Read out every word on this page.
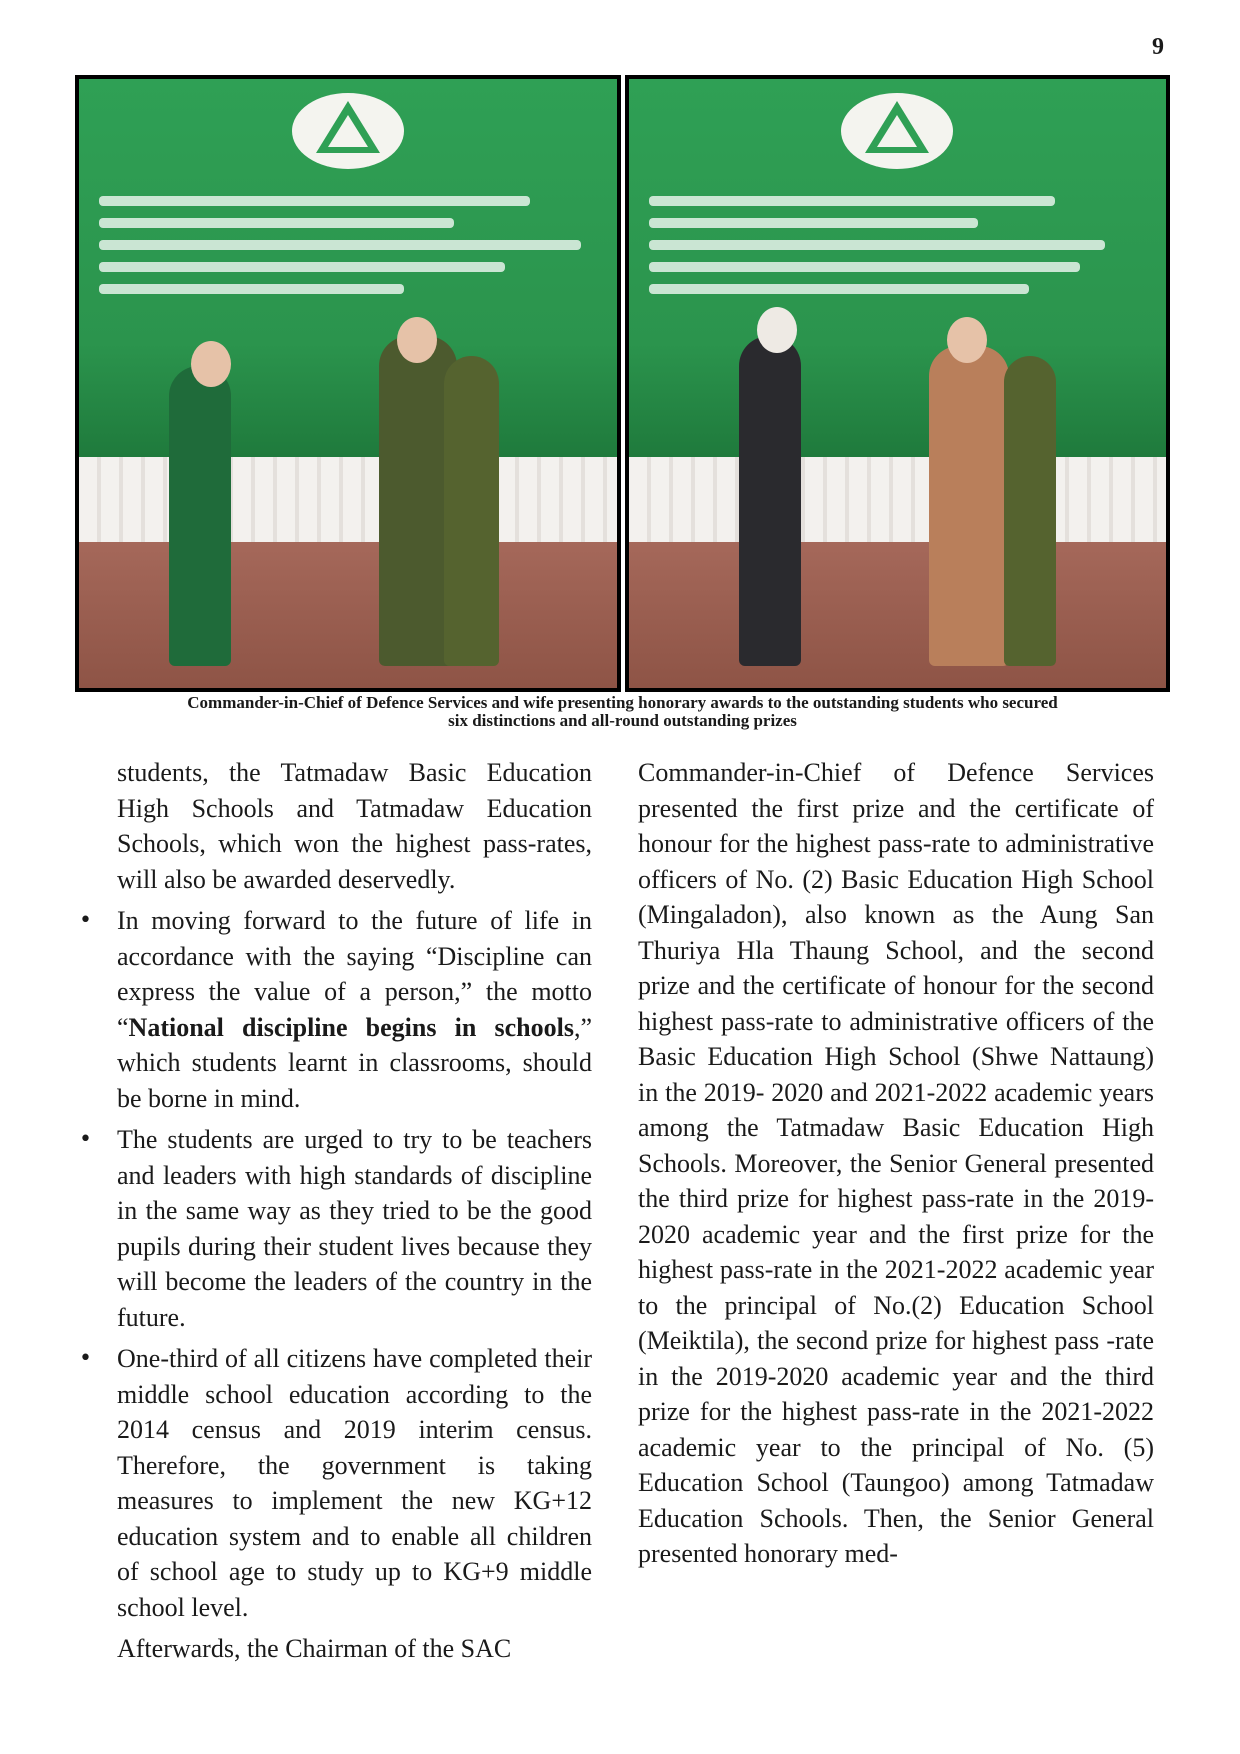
9
Commander-in-Chief of Defence Services and wife presenting honorary awards to the outstanding students who secured
six distinctions and all-round outstanding prizes

students, the Tatmadaw Basic Education High Schools and Tatmadaw Education Schools, which won the highest pass-rates, will also be awarded deservedly.

• In moving forward to the future of life in accordance with the saying “Discipline can express the value of a person,” the motto “National discipline begins in schools,” which students learnt in classrooms, should be borne in mind.
• The students are urged to try to be teachers and leaders with high standards of discipline in the same way as they tried to be the good pupils during their student lives because they will become the leaders of the country in the future.
• One-third of all citizens have completed their middle school education according to the 2014 census and 2019 interim census. Therefore, the government is taking measures to implement the new KG+12 education system and to enable all children of school age to study up to KG+9 middle school level.

Afterwards, the Chairman of the SAC

Commander-in-Chief of Defence Services presented the first prize and the certificate of honour for the highest pass-rate to administrative officers of No. (2) Basic Education High School (Mingaladon), also known as the Aung San Thuriya Hla Thaung School, and the second prize and the certificate of honour for the second highest pass-rate to administrative officers of the Basic Education High School (Shwe Nattaung) in the 2019- 2020 and 2021-2022 academic years among the Tatmadaw Basic Education High Schools. Moreover, the Senior General presented the third prize for highest pass-rate in the 2019-2020 academic year and the first prize for the highest pass-rate in the 2021-2022 academic year to the principal of No.(2) Education School (Meiktila), the second prize for highest pass -rate in the 2019-2020 academic year and the third prize for the highest pass-rate in the 2021-2022 academic year to the principal of No. (5) Education School (Taungoo) among Tatmadaw Education Schools. Then, the Senior General presented honorary med-
